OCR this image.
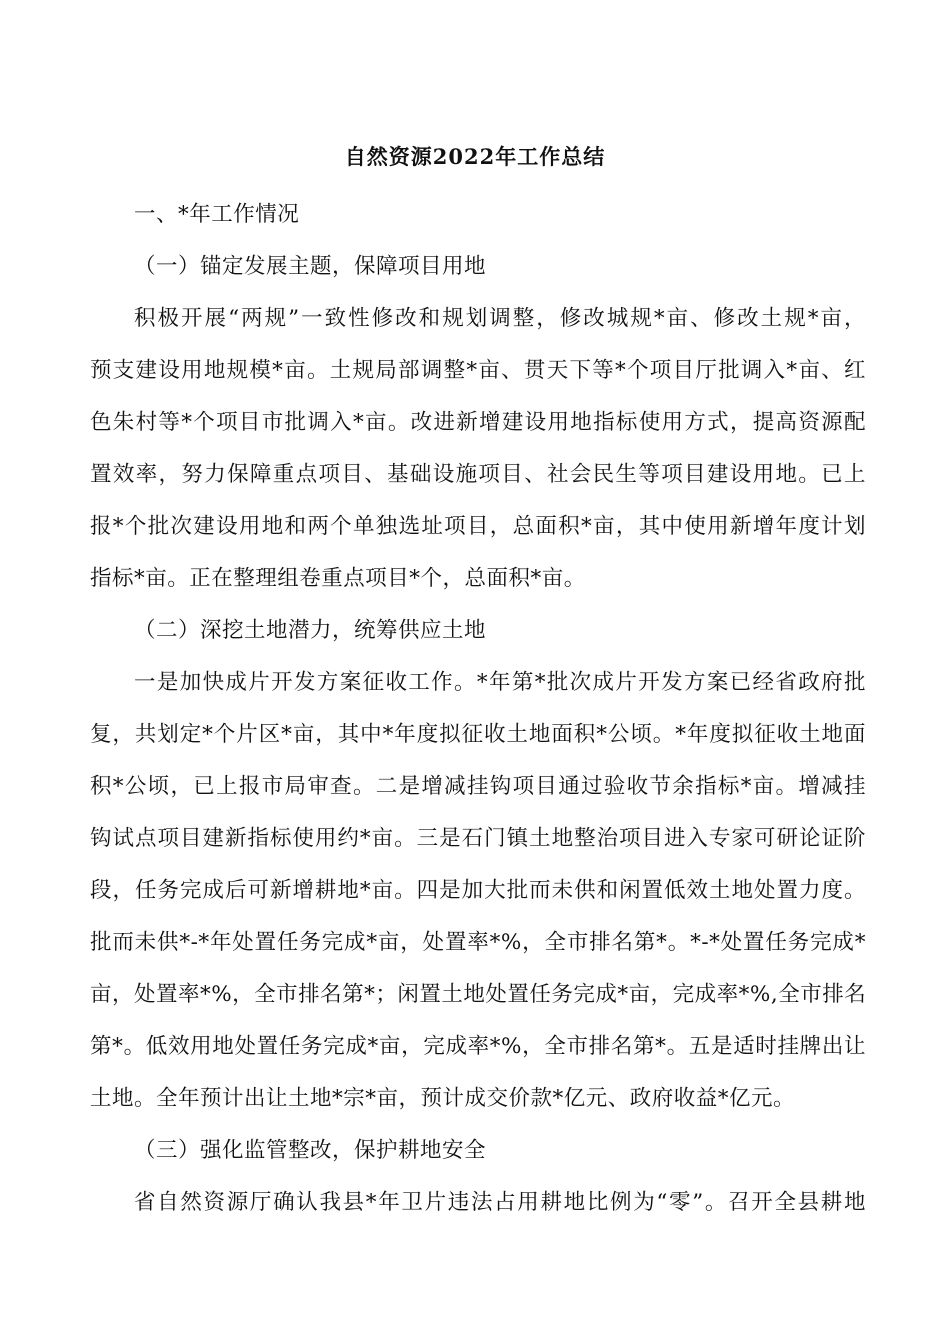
自然资源2022年工作总结
一、*年工作情况
（一）锚定发展主题，保障项目用地
积极开展“两规”一致性修改和规划调整，修改城规*亩、修改土规*亩，
预支建设用地规模*亩。土规局部调整*亩、贯天下等*个项目厅批调入*亩、红
色朱村等*个项目市批调入*亩。改进新增建设用地指标使用方式，提高资源配
置效率，努力保障重点项目、基础设施项目、社会民生等项目建设用地。已上
报*个批次建设用地和两个单独选址项目，总面积*亩，其中使用新增年度计划
指标*亩。正在整理组卷重点项目*个，总面积*亩。
（二）深挖土地潜力，统筹供应土地
一是加快成片开发方案征收工作。*年第*批次成片开发方案已经省政府批
复，共划定*个片区*亩，其中*年度拟征收土地面积*公顷。*年度拟征收土地面
积*公顷，已上报市局审查。二是增减挂钩项目通过验收节余指标*亩。增减挂
钩试点项目建新指标使用约*亩。三是石门镇土地整治项目进入专家可研论证阶
段，任务完成后可新增耕地*亩。四是加大批而未供和闲置低效土地处置力度。
批而未供*-*年处置任务完成*亩，处置率*%，全市排名第*。*-*处置任务完成*
亩，处置率*%，全市排名第*；闲置土地处置任务完成*亩，完成率*%,全市排名
第*。低效用地处置任务完成*亩，完成率*%，全市排名第*。五是适时挂牌出让
土地。全年预计出让土地*宗*亩，预计成交价款*亿元、政府收益*亿元。
（三）强化监管整改，保护耕地安全
省自然资源厅确认我县*年卫片违法占用耕地比例为“零”。召开全县耕地
